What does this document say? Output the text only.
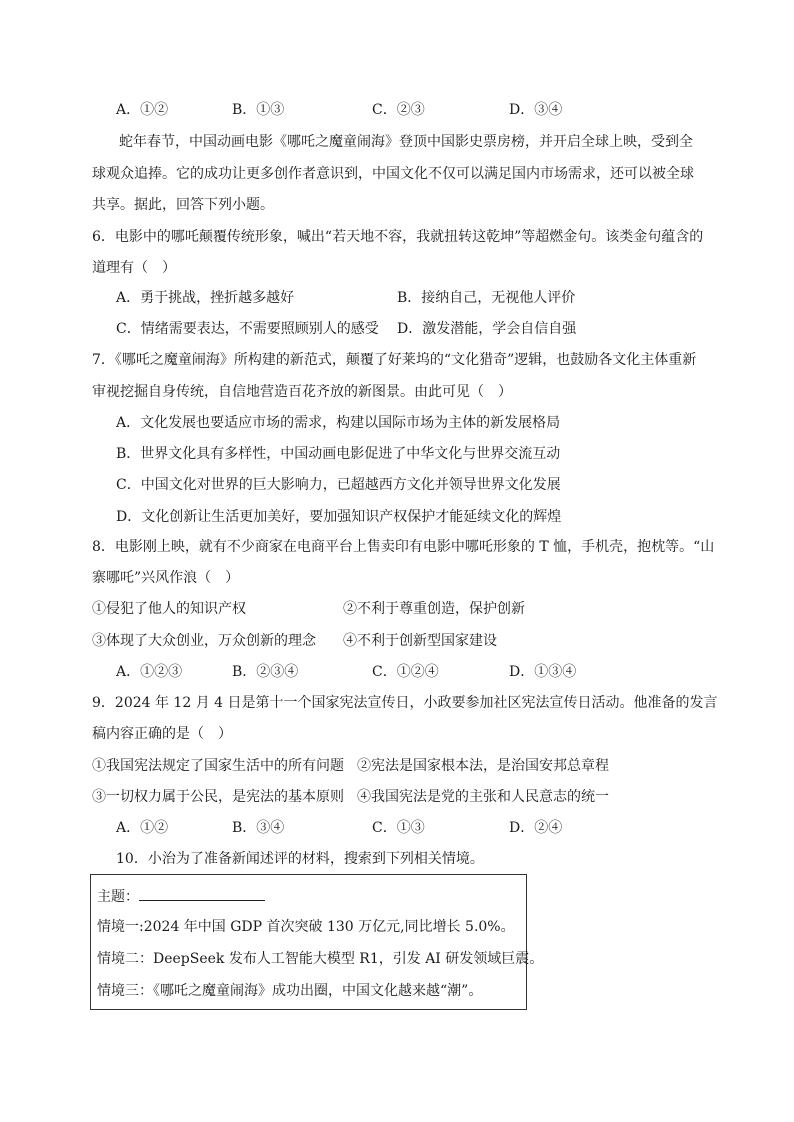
A．①②	B．①③	C．②③	D．③④
蛇年春节，中国动画电影《哪吒之魔童闹海》登顶中国影史票房榜，并开启全球上映，受到全
球观众追捧。它的成功让更多创作者意识到，中国文化不仅可以满足国内市场需求，还可以被全球
共享。据此，回答下列小题。
6．电影中的哪吒颠覆传统形象，喊出“若天地不容，我就扭转这乾坤”等超燃金句。该类金句蕴含的
道理有（　）
A．勇于挑战，挫折越多越好	B．接纳自己，无视他人评价
C．情绪需要表达，不需要照顾别人的感受 D．激发潜能，学会自信自强
7．《哪吒之魔童闹海》所构建的新范式，颠覆了好莱坞的“文化猎奇”逻辑，也鼓励各文化主体重新
审视挖掘自身传统，自信地营造百花齐放的新图景。由此可见（　）
A．文化发展也要适应市场的需求，构建以国际市场为主体的新发展格局
B．世界文化具有多样性，中国动画电影促进了中华文化与世界交流互动
C．中国文化对世界的巨大影响力，已超越西方文化并领导世界文化发展
D．文化创新让生活更加美好，要加强知识产权保护才能延续文化的辉煌
8．电影刚上映，就有不少商家在电商平台上售卖印有电影中哪吒形象的 T 恤，手机壳，抱枕等。“山
寨哪吒”兴风作浪（　）
①侵犯了他人的知识产权	②不利于尊重创造，保护创新
③体现了大众创业，万众创新的理念 ④不利于创新型国家建设
A．①②③	B．②③④	C．①②④	D．①③④
9．2024 年 12 月 4 日是第十一个国家宪法宣传日，小政要参加社区宪法宣传日活动。他准备的发言
稿内容正确的是（　）
①我国宪法规定了国家生活中的所有问题 ②宪法是国家根本法，是治国安邦总章程
③一切权力属于公民，是宪法的基本原则 ④我国宪法是党的主张和人民意志的统一
A．①②	B．③④	C．①③	D．②④
10．小治为了准备新闻述评的材料，搜索到下列相关情境。
主题：
情境一:2024 年中国 GDP 首次突破 130 万亿元,同比增长 5.0%。
情境二：DeepSeek 发布人工智能大模型 R1，引发 AI 研发领域巨震。
情境三：《哪吒之魔童闹海》成功出圈，中国文化越来越“潮”。
